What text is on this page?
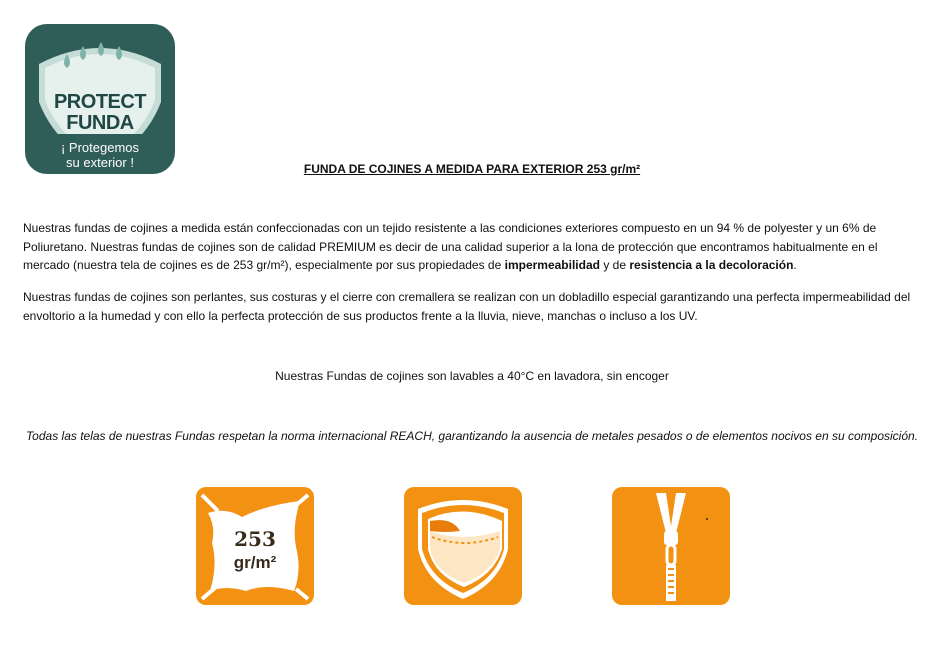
PROTECT
FUNDA
¡ Protegemos
su exterior !	FUNDA DE COJINES A MEDIDA PARA EXTERIOR 253 gr/m²

Nuestras fundas de cojines a medida están confeccionadas con un tejido resistente a las condiciones exteriores compuesto en un 94 % de polyester y un 6% de Poliuretano. Nuestras fundas de cojines son de calidad PREMIUM es decir de una calidad superior a la lona de protección que encontramos habitualmente en el mercado (nuestra tela de cojines es de 253 gr/m²), especialmente por sus propiedades de impermeabilidad y de resistencia a la decoloración.

Nuestras fundas de cojines son perlantes, sus costuras y el cierre con cremallera se realizan con un dobladillo especial garantizando una perfecta impermeabilidad del envoltorio a la humedad y con ello la perfecta protección de sus productos frente a la lluvia, nieve, manchas o incluso a los UV.

Nuestras Fundas de cojines son lavables a 40°C en lavadora, sin encoger
Todas las telas de nuestras Fundas respetan la norma internacional REACH, garantizando la ausencia de metales pesados o de elementos nocivos en su composición.
253
gr/m²
